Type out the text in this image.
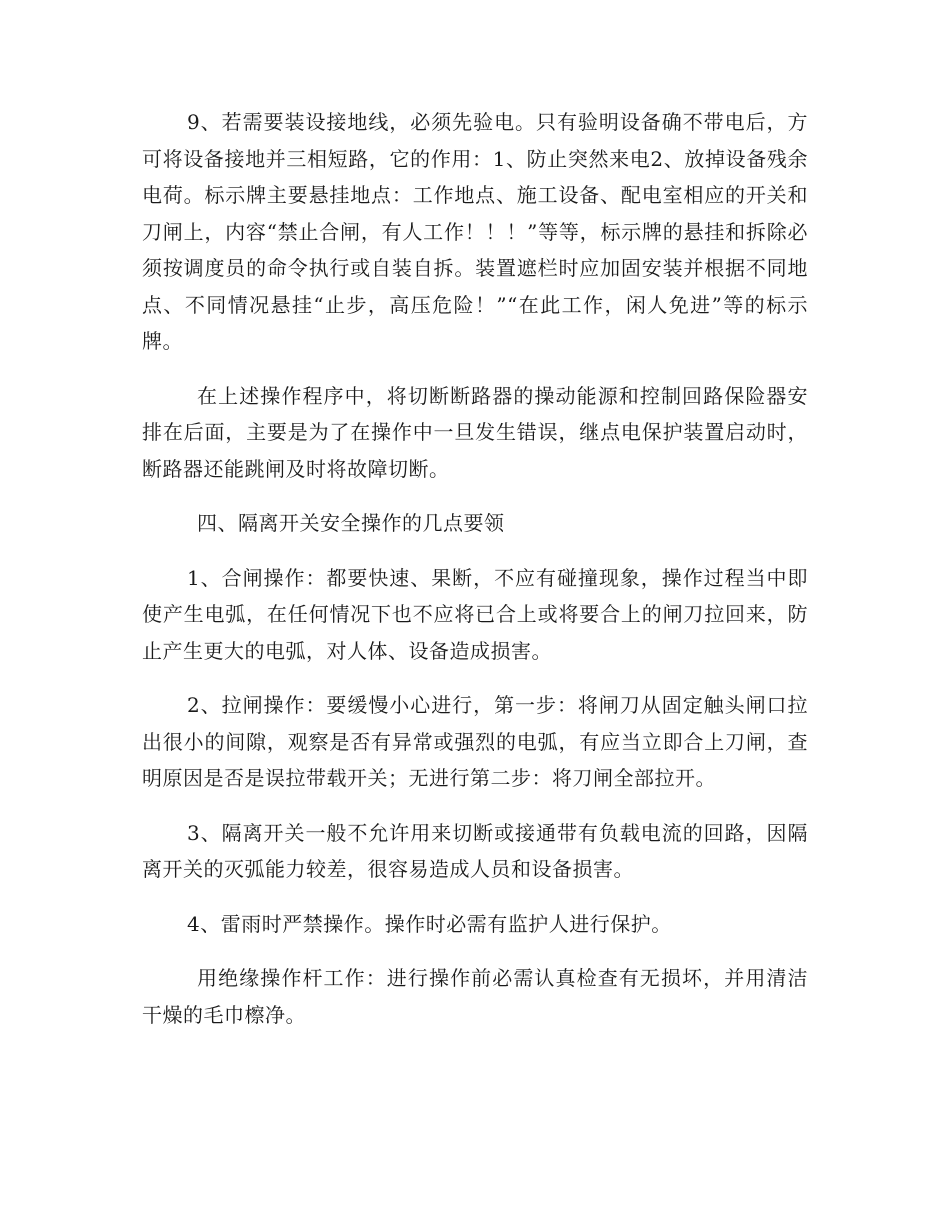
9、若需要装设接地线，必须先验电。只有验明设备确不带电后，方可将设备接地并三相短路，它的作用：1、防止突然来电2、放掉设备残余电荷。标示牌主要悬挂地点：工作地点、施工设备、配电室相应的开关和刀闸上，内容“禁止合闸，有人工作！！！”等等，标示牌的悬挂和拆除必须按调度员的命令执行或自装自拆。装置遮栏时应加固安装并根据不同地点、不同情况悬挂“止步，高压危险！”“在此工作，闲人免进”等的标示牌。

在上述操作程序中，将切断断路器的操动能源和控制回路保险器安排在后面，主要是为了在操作中一旦发生错误，继点电保护装置启动时，断路器还能跳闸及时将故障切断。

四、隔离开关安全操作的几点要领

1、合闸操作：都要快速、果断，不应有碰撞现象，操作过程当中即使产生电弧，在任何情况下也不应将已合上或将要合上的闸刀拉回来，防止产生更大的电弧，对人体、设备造成损害。

2、拉闸操作：要缓慢小心进行，第一步：将闸刀从固定触头闸口拉出很小的间隙，观察是否有异常或强烈的电弧，有应当立即合上刀闸，查明原因是否是误拉带载开关；无进行第二步：将刀闸全部拉开。

3、隔离开关一般不允许用来切断或接通带有负载电流的回路，因隔离开关的灭弧能力较差，很容易造成人员和设备损害。

4、雷雨时严禁操作。操作时必需有监护人进行保护。

用绝缘操作杆工作：进行操作前必需认真检查有无损坏，并用清洁干燥的毛巾檫净。
